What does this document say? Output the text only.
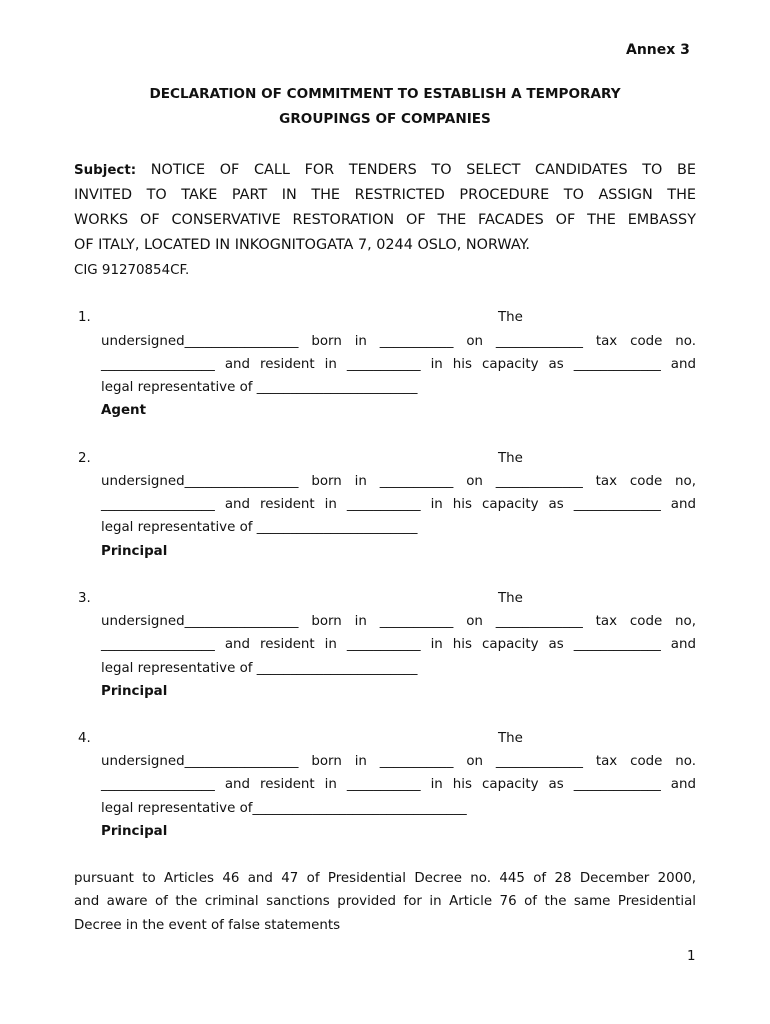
Annex 3
DECLARATION OF COMMITMENT TO ESTABLISH A TEMPORARY
GROUPINGS OF COMPANIES
Subject: NOTICE OF CALL FOR TENDERS TO SELECT CANDIDATES TO BE
INVITED TO TAKE PART IN THE RESTRICTED PROCEDURE TO ASSIGN THE
WORKS OF CONSERVATIVE RESTORATION OF THE FACADES OF THE EMBASSY
OF ITALY, LOCATED IN INKOGNITOGATA 7, 0244 OSLO, NORWAY.
CIG 91270854CF.
1.	The
undersigned_________________ born in ___________ on _____________ tax code no.
_________________ and resident in ___________ in his capacity as _____________ and
legal representative of ________________________
Agent
2.	The
undersigned_________________ born in ___________ on _____________ tax code no,
_________________ and resident in ___________ in his capacity as _____________ and
legal representative of ________________________
Principal
3.	The
undersigned_________________ born in ___________ on _____________ tax code no,
_________________ and resident in ___________ in his capacity as _____________ and
legal representative of ________________________
Principal
4.	The
undersigned_________________ born in ___________ on _____________ tax code no.
_________________ and resident in ___________ in his capacity as _____________ and
legal representative of________________________________
Principal
pursuant to Articles 46 and 47 of Presidential Decree no. 445 of 28 December 2000,
and aware of the criminal sanctions provided for in Article 76 of the same Presidential
Decree in the event of false statements
1
